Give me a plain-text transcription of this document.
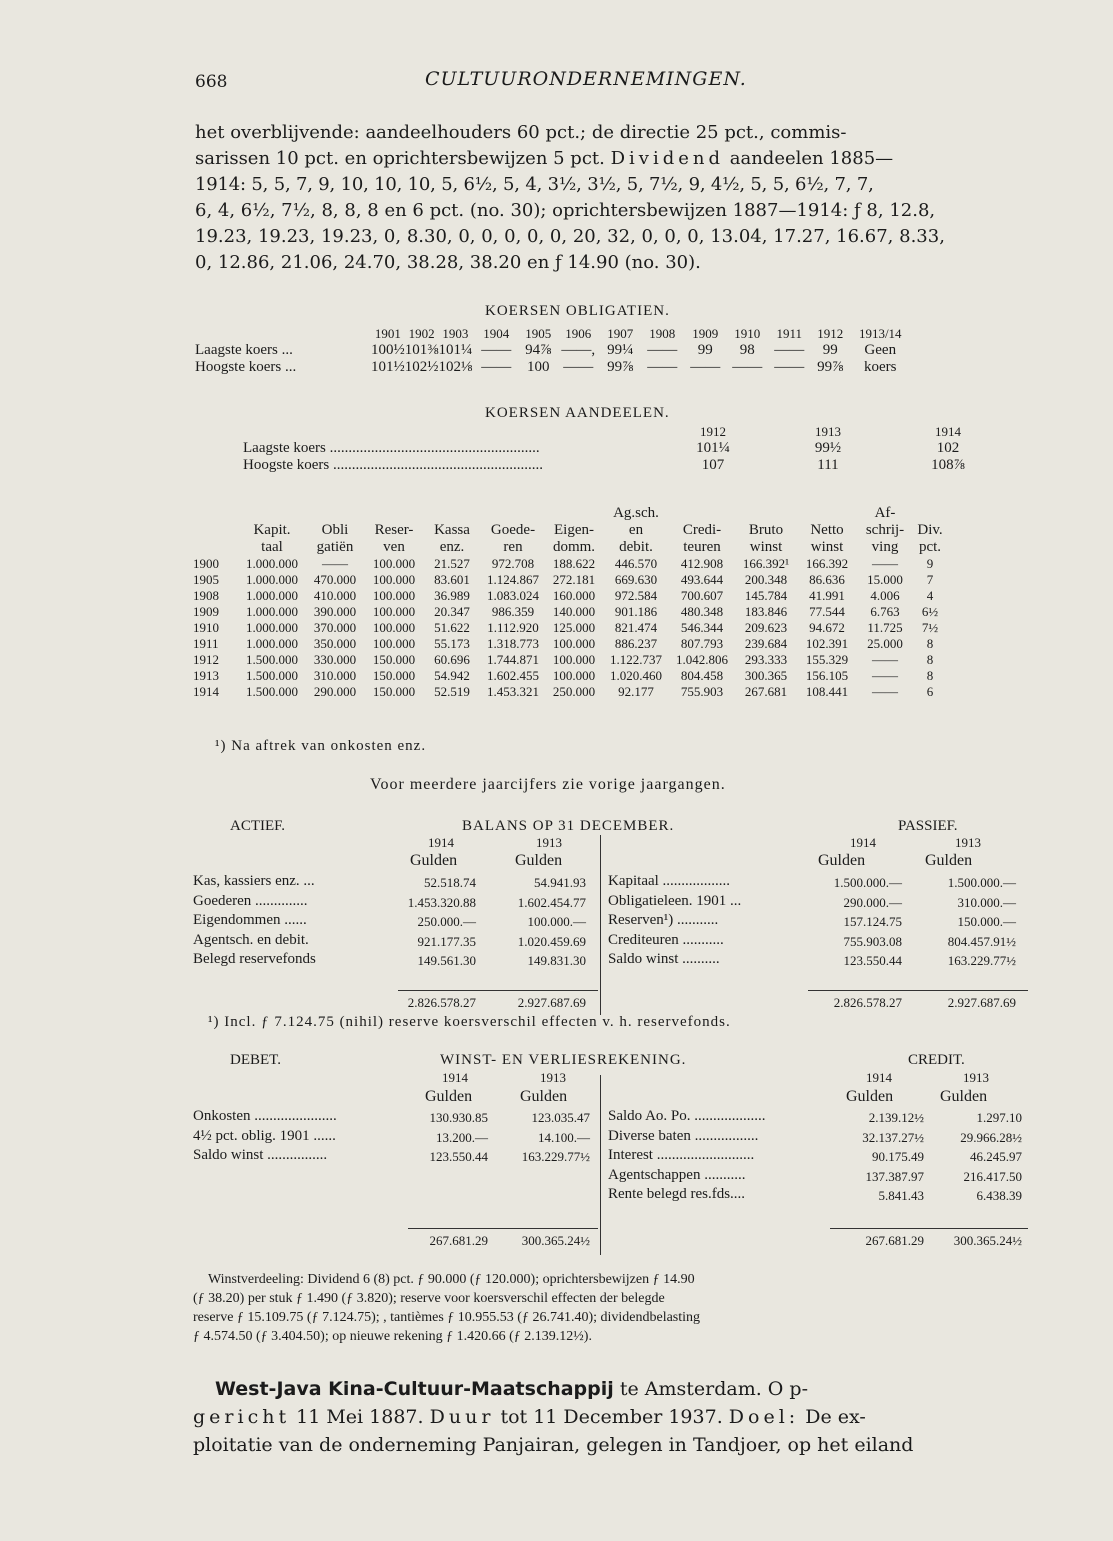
668	CULTUURONDERNEMINGEN.
het overblijvende: aandeelhouders 60 pct.; de directie 25 pct., commis-
sarissen 10 pct. en oprichtersbewijzen 5 pct. Dividend aandeelen 1885—
1914: 5, 5, 7, 9, 10, 10, 10, 5, 6½, 5, 4, 3½, 3½, 5, 7½, 9, 4½, 5, 5, 6½, 7, 7,
6, 4, 6½, 7½, 8, 8, 8 en 6 pct. (no. 30); oprichtersbewijzen 1887—1914: ƒ 8, 12.8,
19.23, 19.23, 19.23, 0, 8.30, 0, 0, 0, 0, 0, 20, 32, 0, 0, 0, 13.04, 17.27, 16.67, 8.33,
0, 12.86, 21.06, 24.70, 38.28, 38.20 en ƒ 14.90 (no. 30).
KOERSEN OBLIGATIEN.
	1901	1902	1903	1904	1905	1906	1907	1908	1909	1910	1911	1912	1913/14
Laagste koers ...	100½	101⅜	101¼	——	94⅞	——,	99¼	——	99	98	——	99	Geen
Hoogste koers ...	101½	102½	102⅛	——	100	——	99⅞	——	——	——	——	99⅞	koers
KOERSEN AANDEELEN.
	1912	1913	1914
Laagste koers ........................................................	101¼	99½	102
Hoogste koers ........................................................	107	111	108⅞
							Ag.sch.				Af-	
	Kapit.	Obli	Reser-	Kassa	Goede-	Eigen-	en	Credi-	Bruto	Netto	schrij-	Div.
	taal	gatiën	ven	enz.	ren	domm.	debit.	teuren	winst	winst	ving	pct.
1900	1.000.000	——	100.000	21.527	972.708	188.622	446.570	412.908	166.392¹	166.392	——	9
1905	1.000.000	470.000	100.000	83.601	1.124.867	272.181	669.630	493.644	200.348	86.636	15.000	7
1908	1.000.000	410.000	100.000	36.989	1.083.024	160.000	972.584	700.607	145.784	41.991	4.006	4
1909	1.000.000	390.000	100.000	20.347	986.359	140.000	901.186	480.348	183.846	77.544	6.763	6½
1910	1.000.000	370.000	100.000	51.622	1.112.920	125.000	821.474	546.344	209.623	94.672	11.725	7½
1911	1.000.000	350.000	100.000	55.173	1.318.773	100.000	886.237	807.793	239.684	102.391	25.000	8
1912	1.500.000	330.000	150.000	60.696	1.744.871	100.000	1.122.737	1.042.806	293.333	155.329	——	8
1913	1.500.000	310.000	150.000	54.942	1.602.455	100.000	1.020.460	804.458	300.365	156.105	——	8
1914	1.500.000	290.000	150.000	52.519	1.453.321	250.000	92.177	755.903	267.681	108.441	——	6
¹) Na aftrek van onkosten enz.
Voor meerdere jaarcijfers zie vorige jaargangen.
ACTIEF.	BALANS OP 31 DECEMBER.	PASSIEF.
1914	1913	1914	1913
Gulden	Gulden	Gulden	Gulden
Kas, kassiers enz. ...	52.518.74	54.941.93
Goederen ..............	1.453.320.88	1.602.454.77
Eigendommen ......	250.000.—	100.000.—
Agentsch. en debit.	921.177.35	1.020.459.69
Belegd reservefonds	149.561.30	149.831.30
Kapitaal ..................	1.500.000.—	1.500.000.—
Obligatieleen. 1901 ...	290.000.—	310.000.—
Reserven¹) ...........	157.124.75	150.000.—
Crediteuren ...........	755.903.08	804.457.91½
Saldo winst ..........	123.550.44	163.229.77½
2.826.578.27	2.927.687.69	2.826.578.27	2.927.687.69
¹) Incl. ƒ 7.124.75 (nihil) reserve koersverschil effecten v. h. reservefonds.
DEBET.	WINST- EN VERLIESREKENING.	CREDIT.
1914	1913	1914	1913
Gulden	Gulden	Gulden	Gulden
Onkosten ......................	130.930.85	123.035.47
4½ pct. oblig. 1901 ......	13.200.—	14.100.—
Saldo winst ................	123.550.44	163.229.77½
Saldo Ao. Po. ...................	2.139.12½	1.297.10
Diverse baten .................	32.137.27½	29.966.28½
Interest ..........................	90.175.49	46.245.97
Agentschappen ...........	137.387.97	216.417.50
Rente belegd res.fds....	5.841.43	6.438.39
267.681.29	300.365.24½	267.681.29	300.365.24½
Winstverdeeling: Dividend 6 (8) pct. ƒ 90.000 (ƒ 120.000); oprichtersbewijzen ƒ 14.90
(ƒ 38.20) per stuk ƒ 1.490 (ƒ 3.820); reserve voor koersverschil effecten der belegde
reserve ƒ 15.109.75 (ƒ 7.124.75); , tantièmes ƒ 10.955.53 (ƒ 26.741.40); dividendbelasting
ƒ 4.574.50 (ƒ 3.404.50); op nieuwe rekening ƒ 1.420.66 (ƒ 2.139.12½).
West-Java Kina-Cultuur-Maatschappij te Amsterdam. O p-
gericht 11 Mei 1887. Duur tot 11 December 1937. Doel: De ex-
ploitatie van de onderneming Panjairan, gelegen in Tandjoer, op het eiland
